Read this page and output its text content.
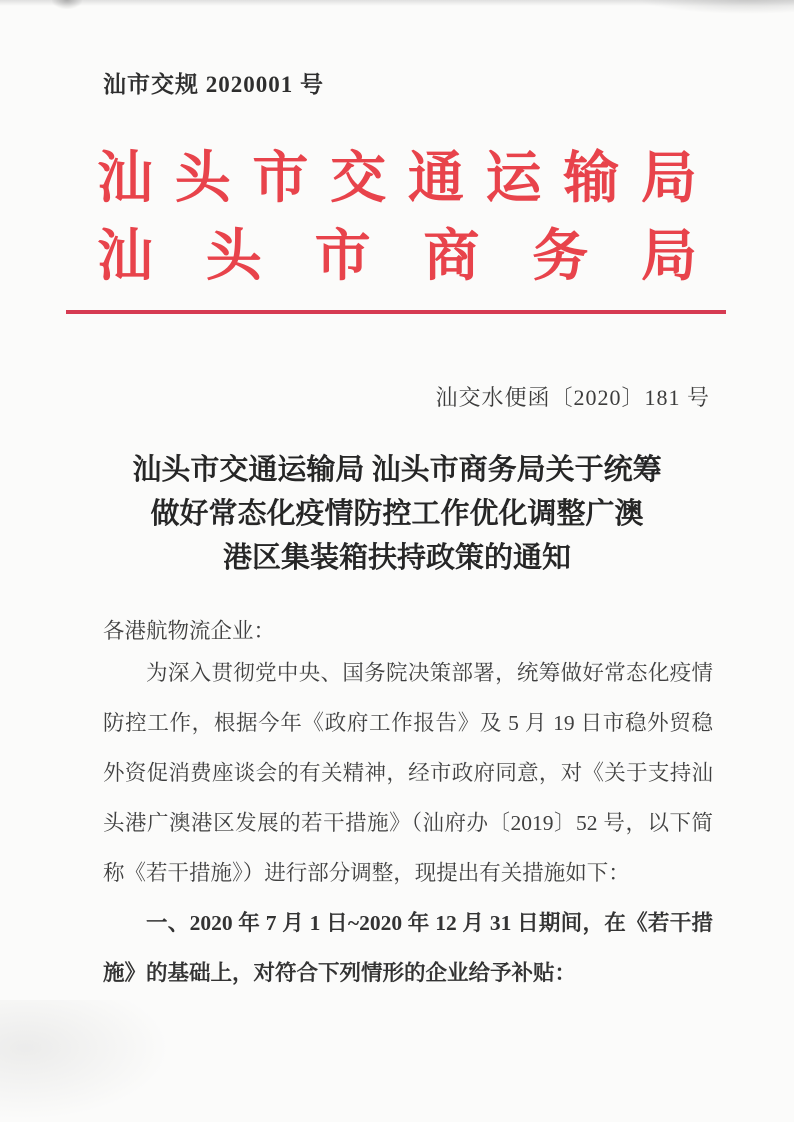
汕市交规 2020001 号
汕 头 市 交 通 运 输 局
汕 头 市 商 务 局
汕交水便函〔2020〕181 号
汕头市交通运输局 汕头市商务局关于统筹
做好常态化疫情防控工作优化调整广澳
港区集装箱扶持政策的通知
各港航物流企业：
为深入贯彻党中央、国务院决策部署，统筹做好常态化疫情防控工作，根据今年《政府工作报告》及 5 月 19 日市稳外贸稳外资促消费座谈会的有关精神，经市政府同意，对《关于支持汕头港广澳港区发展的若干措施》（汕府办〔2019〕52 号，以下简称《若干措施》）进行部分调整，现提出有关措施如下：
一、2020 年 7 月 1 日~2020 年 12 月 31 日期间，在《若干措施》的基础上，对符合下列情形的企业给予补贴：
